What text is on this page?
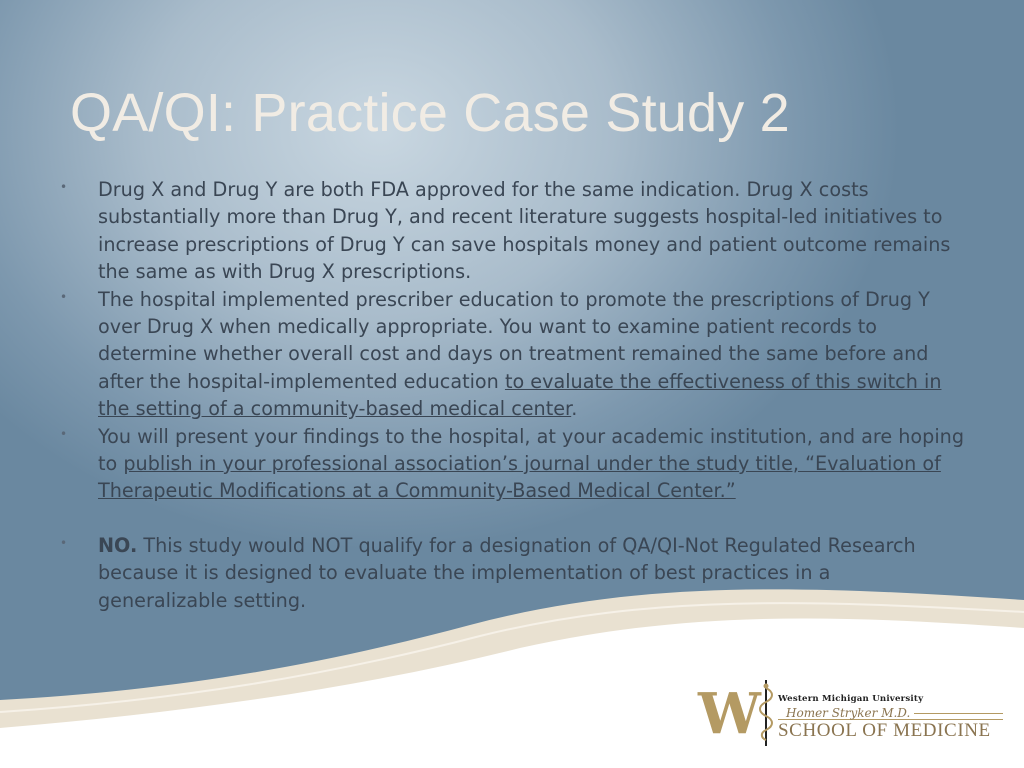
QA/QI: Practice Case Study 2
• Drug X and Drug Y are both FDA approved for the same indication. Drug X costs substantially more than Drug Y, and recent literature suggests hospital-led initiatives to increase prescriptions of Drug Y can save hospitals money and patient outcome remains the same as with Drug X prescriptions.
• The hospital implemented prescriber education to promote the prescriptions of Drug Y over Drug X when medically appropriate. You want to examine patient records to determine whether overall cost and days on treatment remained the same before and after the hospital-implemented education to evaluate the effectiveness of this switch in the setting of a community-based medical center.
• You will present your findings to the hospital, at your academic institution, and are hoping to publish in your professional association’s journal under the study title, “Evaluation of Therapeutic Modifications at a Community-Based Medical Center.”
• NO. This study would NOT qualify for a designation of QA/QI-Not Regulated Research because it is designed to evaluate the implementation of best practices in a generalizable setting.
W Western Michigan University
Homer Stryker M.D.
SCHOOL OF MEDICINE
